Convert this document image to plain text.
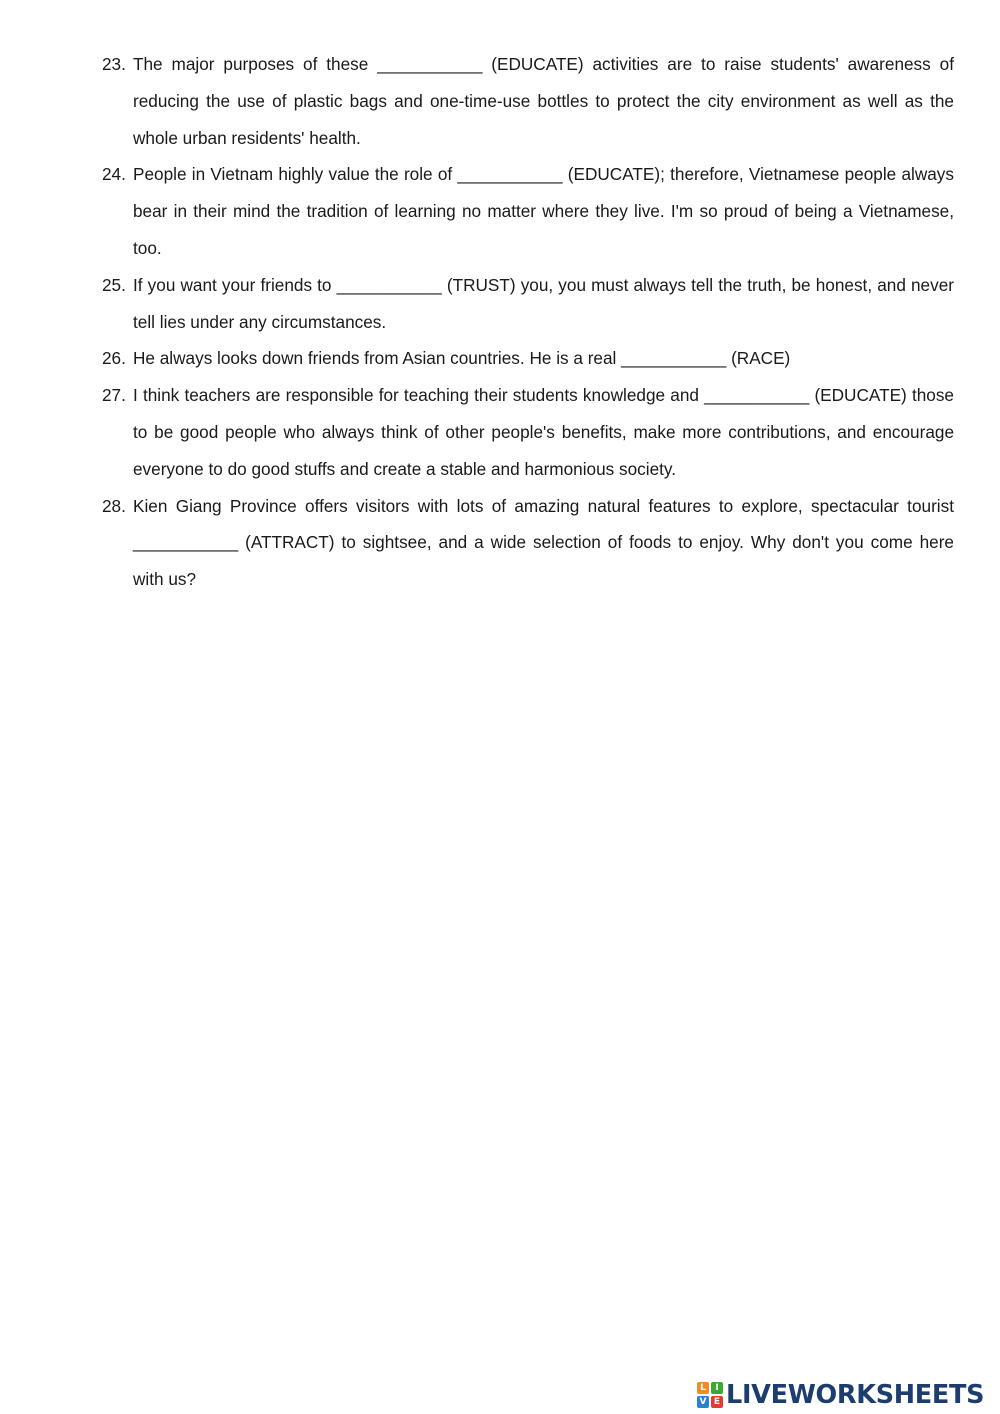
23. The major purposes of these ___________ (EDUCATE) activities are to raise students' awareness of reducing the use of plastic bags and one-time-use bottles to protect the city environment as well as the whole urban residents' health.
24. People in Vietnam highly value the role of ___________ (EDUCATE); therefore, Vietnamese people always bear in their mind the tradition of learning no matter where they live. I'm so proud of being a Vietnamese, too.
25. If you want your friends to ___________ (TRUST) you, you must always tell the truth, be honest, and never tell lies under any circumstances.
26. He always looks down friends from Asian countries. He is a real ___________ (RACE)
27. I think teachers are responsible for teaching their students knowledge and ___________ (EDUCATE) those to be good people who always think of other people's benefits, make more contributions, and encourage everyone to do good stuffs and create a stable and harmonious society.
28. Kien Giang Province offers visitors with lots of amazing natural features to explore, spectacular tourist ___________ (ATTRACT) to sightsee, and a wide selection of foods to enjoy. Why don't you come here with us?
L	I
V E LIVEWORKSHEETS
